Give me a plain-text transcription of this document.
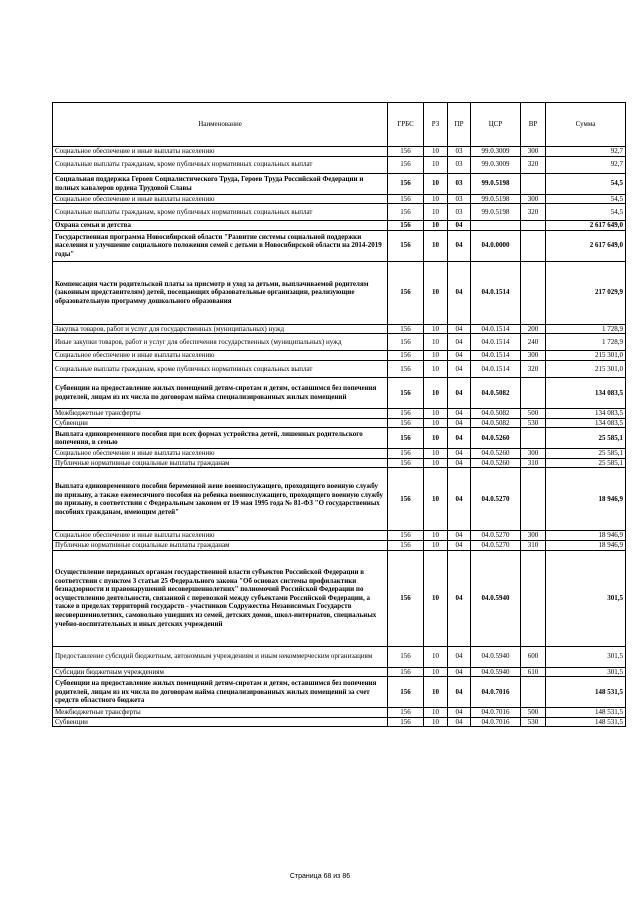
Наименование	ГРБС	РЗ	ПР	ЦСР	ВР	Сумма
Социальное обеспечение и иные выплаты населению	156	10	03	99.0.3009	300	92,7
Социальные выплаты гражданам, кроме публичных нормативных социальных выплат	156	10	03	99.0.3009	320	92,7
Социальная поддержка Героев Социалистического Труда, Героев Труда Российской Федерации и полных кавалеров ордена Трудовой Славы	156	10	03	99.0.5198		54,5
Социальное обеспечение и иные выплаты населению	156	10	03	99.0.5198	300	54,5
Социальные выплаты гражданам, кроме публичных нормативных социальных выплат	156	10	03	99.0.5198	320	54,5
Охрана семьи и детства	156	10	04			2 617 649,0
Государственная программа Новосибирской области "Развитие системы социальной поддержки населения и улучшение социального положения семей с детьми в Новосибирской области на 2014-2019 годы"	156	10	04	04.0.0000		2 617 649,0
Компенсация части родительской платы за присмотр и уход за детьми, выплачиваемой родителям (законным представителям) детей, посещающих образовательные организации, реализующие образовательную программу дошкольного образования	156	10	04	04.0.1514		217 029,9
Закупка товаров, работ и услуг для государственных (муниципальных) нужд	156	10	04	04.0.1514	200	1 728,9
Иные закупки товаров, работ и услуг для обеспечения государственных (муниципальных) нужд	156	10	04	04.0.1514	240	1 728,9
Социальное обеспечение и иные выплаты населению	156	10	04	04.0.1514	300	215 301,0
Социальные выплаты гражданам, кроме публичных нормативных социальных выплат	156	10	04	04.0.1514	320	215 301,0
Субвенции на предоставление жилых помещений детям-сиротам и детям, оставшимся без попечения родителей, лицам из их числа по договорам найма специализированных жилых помещений	156	10	04	04.0.5082		134 083,5
Межбюджетные трансферты	156	10	04	04.0.5082	500	134 083,5
Субвенции	156	10	04	04.0.5082	530	134 083,5
Выплата единовременного пособия при всех формах устройства детей, лишенных родительского попечения, в семью	156	10	04	04.0.5260		25 585,1
Социальное обеспечение и иные выплаты населению	156	10	04	04.0.5260	300	25 585,1
Публичные нормативные социальные выплаты гражданам	156	10	04	04.0.5260	310	25 585,1
Выплата единовременного пособия беременной жене военнослужащего, проходящего военную службу по призыву, а также ежемесячного пособия на ребенка военнослужащего, проходящего военную службу по призыву, в соответствии с Федеральным законом от 19 мая 1995 года № 81-ФЗ "О государственных пособиях гражданам, имеющим детей"	156	10	04	04.0.5270		18 946,9
Социальное обеспечение и иные выплаты населению	156	10	04	04.0.5270	300	18 946,9
Публичные нормативные социальные выплаты гражданам	156	10	04	04.0.5270	310	18 946,9
Осуществление переданных органам государственной власти субъектов Российской Федерации в соответствии с пунктом 3 статьи 25 Федерального закона "Об основах системы профилактики безнадзорности и правонарушений несовершеннолетних" полномочий Российской Федерации по осуществлению деятельности, связанной с перевозкой между субъектами Российской Федерации, а также в пределах территорий государств - участников Содружества Независимых Государств несовершеннолетних, самовольно ушедших из семей, детских домов, школ-интернатов, специальных учебно-воспитательных и иных детских учреждений	156	10	04	04.0.5940		301,5
Предоставление субсидий бюджетным, автономным учреждениям и иным некоммерческим организациям	156	10	04	04.0.5940	600	301,5
Субсидии бюджетным учреждениям	156	10	04	04.0.5940	610	301,5
Субвенции на предоставление жилых помещений детям-сиротам и детям, оставшимся без попечения родителей, лицам из их числа по договорам найма специализированных жилых помещений за счет средств областного бюджета	156	10	04	04.0.7016		148 531,5
Межбюджетные трансферты	156	10	04	04.0.7016	500	148 531,5
Субвенции	156	10	04	04.0.7016	530	148 531,5
Страница 68 из 86
